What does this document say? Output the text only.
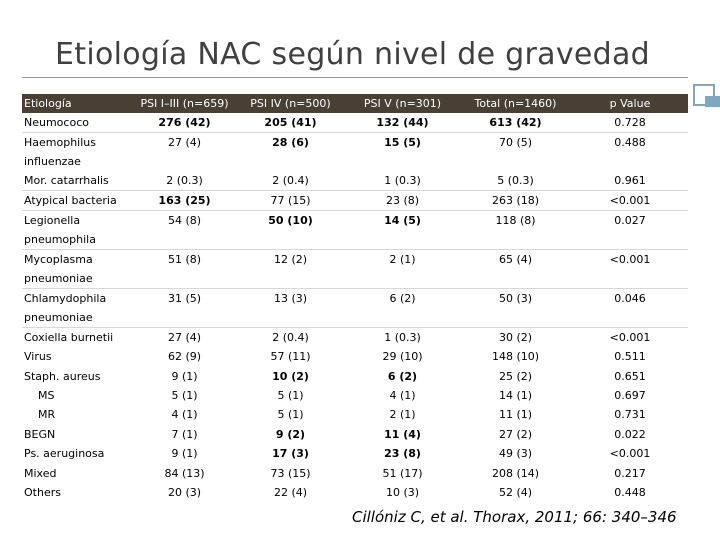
Etiología NAC según nivel de gravedad
Etiología	PSI I–III (n=659)	PSI IV (n=500)	PSI V (n=301)	Total (n=1460)	p Value
Neumococo	276 (42)	205 (41)	132 (44)	613 (42)	0.728
Haemophilus influenzae	27 (4)	28 (6)	15 (5)	70 (5)	0.488
Mor. catarrhalis	2 (0.3)	2 (0.4)	1 (0.3)	5 (0.3)	0.961
Atypical bacteria	163 (25)	77 (15)	23 (8)	263 (18)	<0.001
Legionella pneumophila	54 (8)	50 (10)	14 (5)	118 (8)	0.027
Mycoplasma pneumoniae	51 (8)	12 (2)	2 (1)	65 (4)	<0.001
Chlamydophila pneumoniae	31 (5)	13 (3)	6 (2)	50 (3)	0.046
Coxiella burnetii	27 (4)	2 (0.4)	1 (0.3)	30 (2)	<0.001
Virus	62 (9)	57 (11)	29 (10)	148 (10)	0.511
Staph. aureus	9 (1)	10 (2)	6 (2)	25 (2)	0.651
MS	5 (1)	5 (1)	4 (1)	14 (1)	0.697
MR	4 (1)	5 (1)	2 (1)	11 (1)	0.731
BEGN	7 (1)	9 (2)	11 (4)	27 (2)	0.022
Ps. aeruginosa	9 (1)	17 (3)	23 (8)	49 (3)	<0.001
Mixed	84 (13)	73 (15)	51 (17)	208 (14)	0.217
Others	20 (3)	22 (4)	10 (3)	52 (4)	0.448
Cillóniz C, et al. Thorax, 2011; 66: 340–346
